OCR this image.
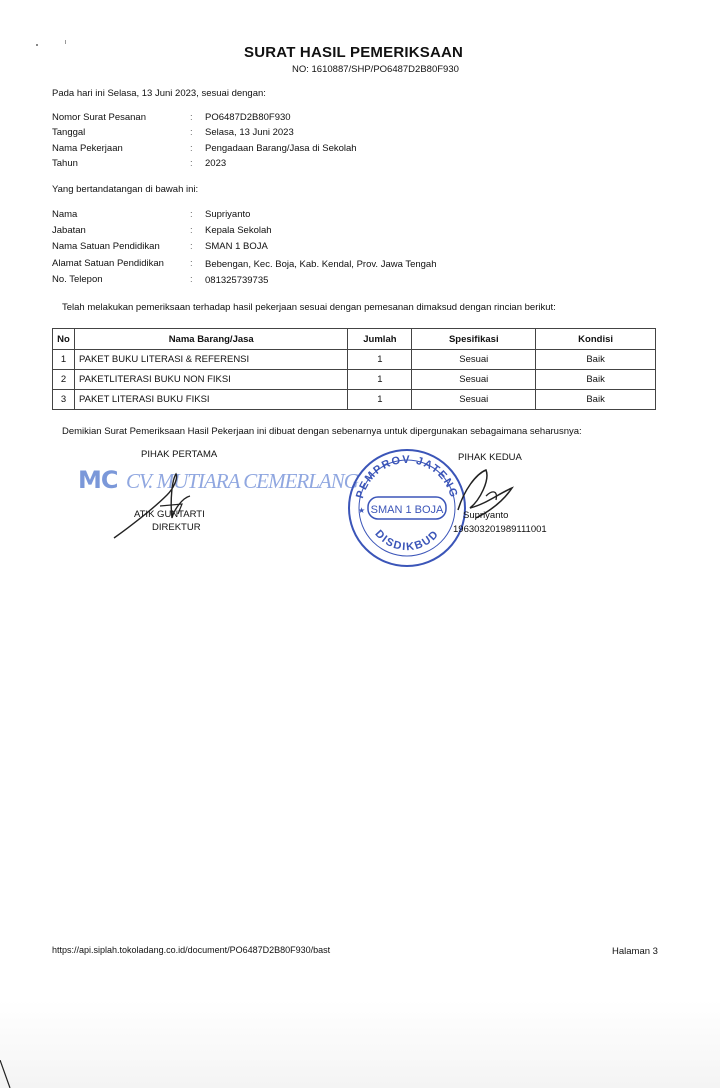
SURAT HASIL PEMERIKSAAN
NO: 1610887/SHP/PO6487D2B80F930
Pada hari ini Selasa, 13 Juni 2023, sesuai dengan:
Nomor Surat Pesanan	: PO6487D2B80F930
Tanggal	: Selasa, 13 Juni 2023
Nama Pekerjaan	: Pengadaan Barang/Jasa di Sekolah
Tahun	: 2023
Yang bertandatangan di bawah ini:
Nama	: Supriyanto
Jabatan	: Kepala Sekolah
Nama Satuan Pendidikan	: SMAN 1 BOJA
Alamat Satuan Pendidikan	: Bebengan, Kec. Boja, Kab. Kendal, Prov. Jawa Tengah
No. Telepon	: 081325739735
Telah melakukan pemeriksaan terhadap hasil pekerjaan sesuai dengan pemesanan dimaksud dengan rincian berikut:
No	Nama Barang/Jasa	Jumlah	Spesifikasi	Kondisi
1	PAKET BUKU LITERASI & REFERENSI	1	Sesuai	Baik
2	PAKETLITERASI BUKU NON FIKSI	1	Sesuai	Baik
3	PAKET LITERASI BUKU FIKSI	1	Sesuai	Baik
Demikian Surat Pemeriksaan Hasil Pekerjaan ini dibuat dengan sebenarnya untuk dipergunakan sebagaimana seharusnya:
PIHAK PERTAMA
MC CV. MUTIARA CEMERLANG
ATIK GUNTARTI
DIREKTUR
PIHAK KEDUA
PEMPROV JATENG
SMAN 1 BOJA
★
DISDIKBUD
Supriyanto
196303201989111001
https://api.siplah.tokoladang.co.id/document/PO6487D2B80F930/bast	Halaman 3
